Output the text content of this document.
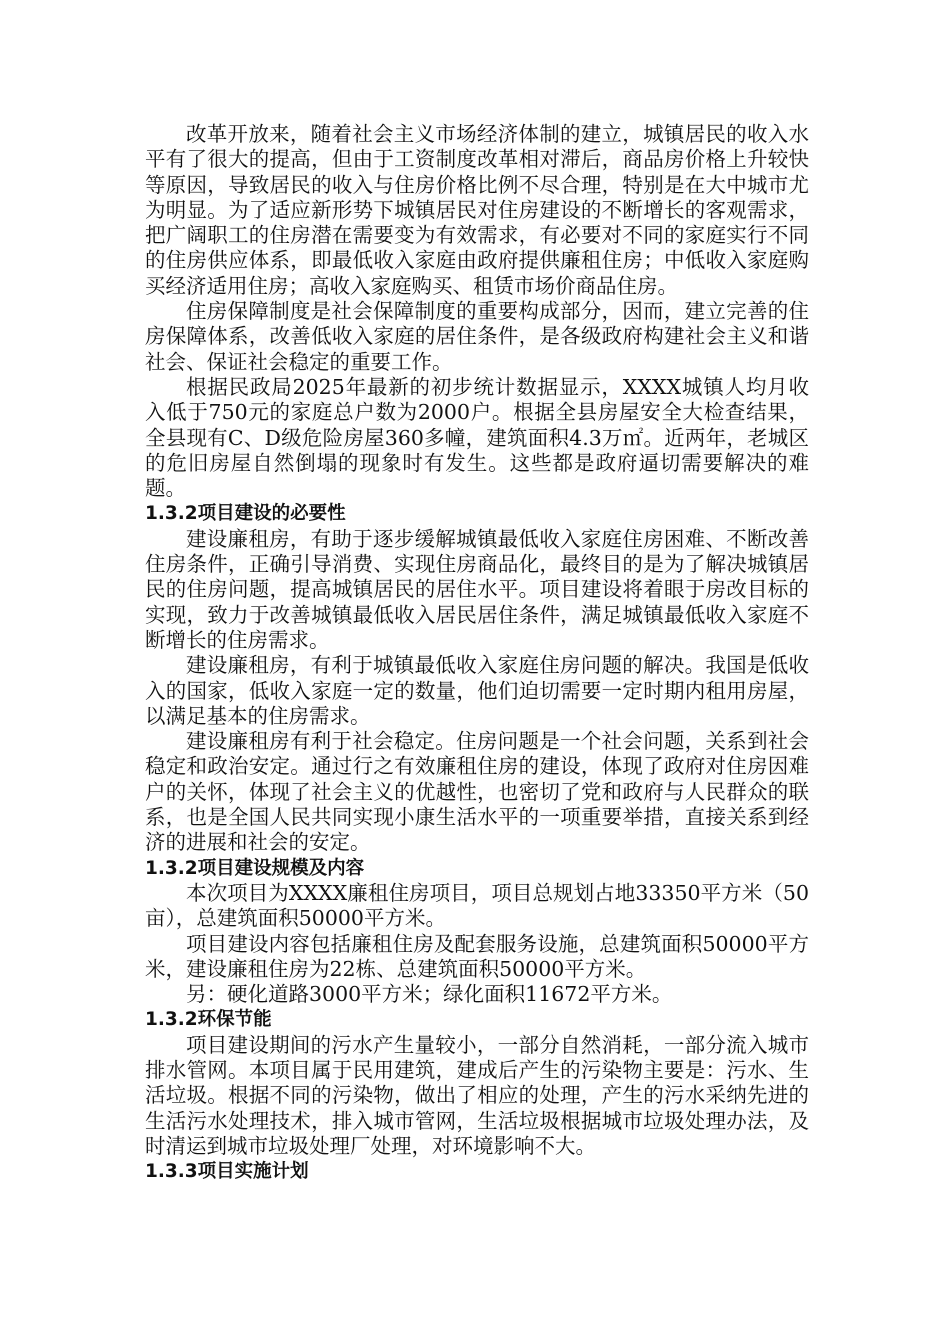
改革开放来，随着社会主义市场经济体制的建立，城镇居民的收入水平有了很大的提高，但由于工资制度改革相对滞后，商品房价格上升较快等原因，导致居民的收入与住房价格比例不尽合理，特别是在大中城市尤为明显。为了适应新形势下城镇居民对住房建设的不断增长的客观需求，把广阔职工的住房潜在需要变为有效需求，有必要对不同的家庭实行不同的住房供应体系，即最低收入家庭由政府提供廉租住房；中低收入家庭购买经济适用住房；高收入家庭购买、租赁市场价商品住房。

住房保障制度是社会保障制度的重要构成部分，因而，建立完善的住房保障体系，改善低收入家庭的居住条件，是各级政府构建社会主义和谐社会、保证社会稳定的重要工作。

根据民政局2025年最新的初步统计数据显示，XXXX城镇人均月收入低于750元的家庭总户数为2000户。根据全县房屋安全大检查结果，全县现有C、D级危险房屋360多幢，建筑面积4.3万㎡。近两年，老城区的危旧房屋自然倒塌的现象时有发生。这些都是政府逼切需要解决的难题。

1.3.2项目建设的必要性

建设廉租房，有助于逐步缓解城镇最低收入家庭住房困难、不断改善住房条件，正确引导消费、实现住房商品化，最终目的是为了解决城镇居民的住房问题，提高城镇居民的居住水平。项目建设将着眼于房改目标的实现，致力于改善城镇最低收入居民居住条件，满足城镇最低收入家庭不断增长的住房需求。

建设廉租房，有利于城镇最低收入家庭住房问题的解决。我国是低收入的国家，低收入家庭一定的数量，他们迫切需要一定时期内租用房屋，以满足基本的住房需求。

建设廉租房有利于社会稳定。住房问题是一个社会问题，关系到社会稳定和政治安定。通过行之有效廉租住房的建设，体现了政府对住房因难户的关怀，体现了社会主义的优越性，也密切了党和政府与人民群众的联系，也是全国人民共同实现小康生活水平的一项重要举措，直接关系到经济的进展和社会的安定。

1.3.2项目建设规模及内容

本次项目为XXXX廉租住房项目，项目总规划占地33350平方米（50亩），总建筑面积50000平方米。

项目建设内容包括廉租住房及配套服务设施，总建筑面积50000平方米，建设廉租住房为22栋、总建筑面积50000平方米。

另：硬化道路3000平方米；绿化面积11672平方米。

1.3.2环保节能

项目建设期间的污水产生量较小，一部分自然消耗，一部分流入城市排水管网。本项目属于民用建筑，建成后产生的污染物主要是：污水、生活垃圾。根据不同的污染物，做出了相应的处理，产生的污水采纳先进的生活污水处理技术，排入城市管网，生活垃圾根据城市垃圾处理办法，及时清运到城市垃圾处理厂处理，对环境影响不大。

1.3.3项目实施计划
